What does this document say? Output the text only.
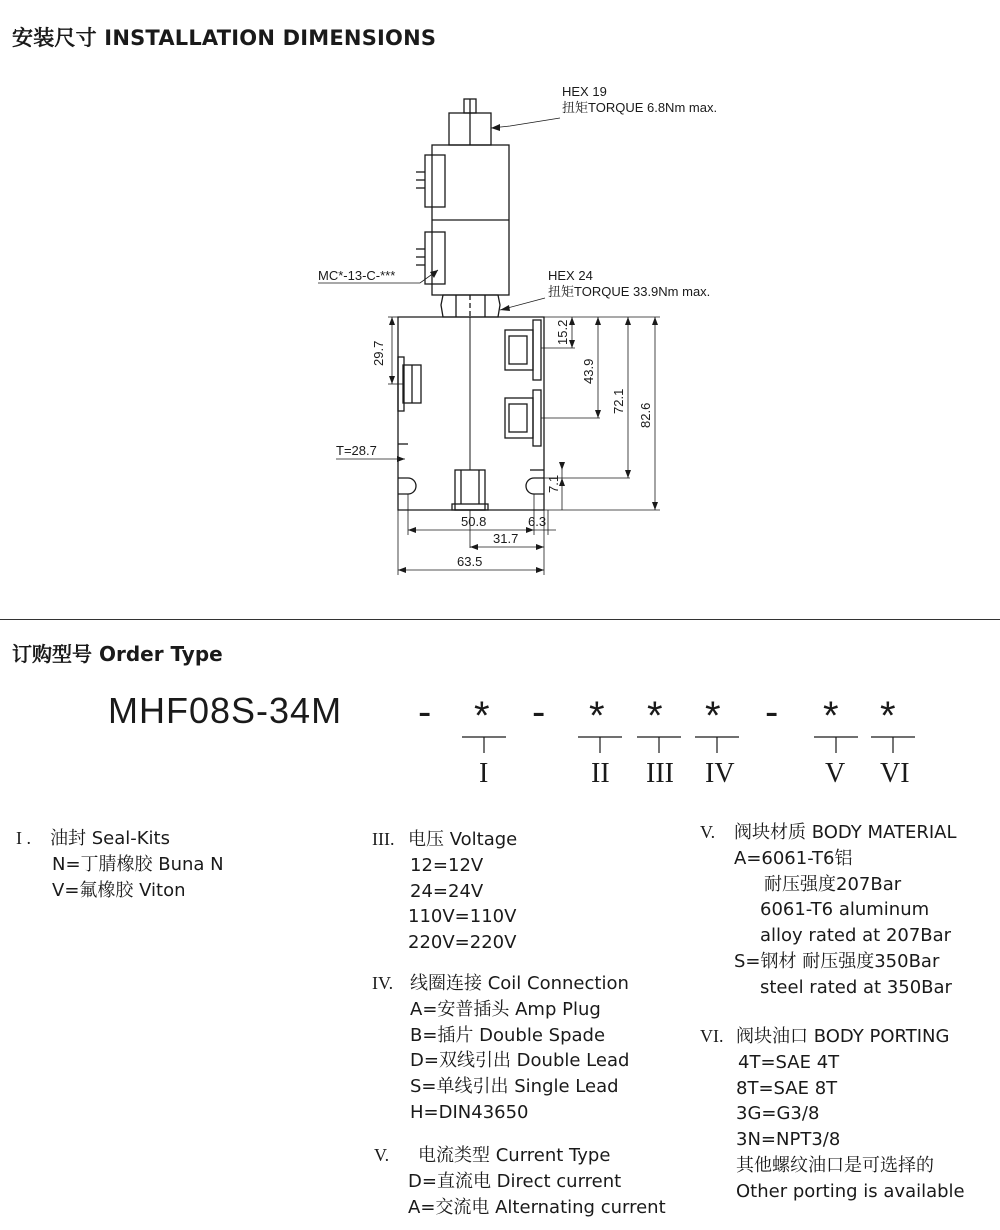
安装尺寸 INSTALLATION DIMENSIONS
HEX 19
扭矩TORQUE 6.8Nm max.
HEX 24
扭矩TORQUE 33.9Nm max.
MC*-13-C-***
T=28.7
29.7
15.2
43.9
72.1
82.6
7.1
50.8	6.3
31.7
63.5
订购型号 Order Type
MHF08S-34M - * - * * * - * *
I	II III IV	V VI
I . 油封 Seal-Kits
N=丁腈橡胶 Buna N
V=氟橡胶 Viton
III. 电压 Voltage
12=12V
24=24V
110V=110V
220V=220V
IV. 线圈连接 Coil Connection
A=安普插头 Amp Plug
B=插片 Double Spade
D=双线引出 Double Lead
S=单线引出 Single Lead
H=DIN43650
V. 电流类型 Current Type
D=直流电 Direct current
A=交流电 Alternating current
V. 阀块材质 BODY MATERIAL
A=6061-T6铝
耐压强度207Bar
6061-T6 aluminum
alloy rated at 207Bar
S=钢材 耐压强度350Bar
steel rated at 350Bar
VI. 阀块油口 BODY PORTING
4T=SAE 4T
8T=SAE 8T
3G=G3/8
3N=NPT3/8
其他螺纹油口是可选择的
Other porting is available
